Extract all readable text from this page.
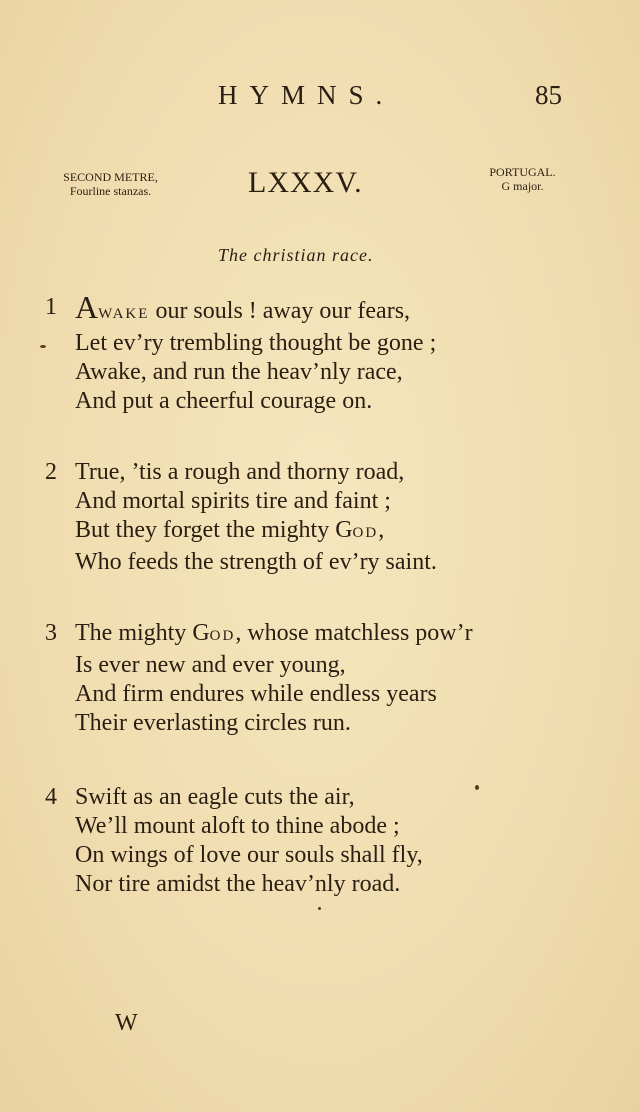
HYMNS.	85
SECOND METRE,
Fourline stanzas.	LXXXV.	PORTUGAL.
G major.
The christian race.
1 AWAKE our souls ! away our fears,
Let ev’ry trembling thought be gone ;
Awake, and run the heav’nly race,
And put a cheerful courage on.
2 True, ’tis a rough and thorny road,
And mortal spirits tire and faint ;
But they forget the mighty GOD,
Who feeds the strength of ev’ry saint.
3 The mighty GOD, whose matchless pow’r
Is ever new and ever young,
And firm endures while endless years
Their everlasting circles run.
4 Swift as an eagle cuts the air,
We’ll mount aloft to thine abode ;
On wings of love our souls shall fly,
Nor tire amidst the heav’nly road.
W
